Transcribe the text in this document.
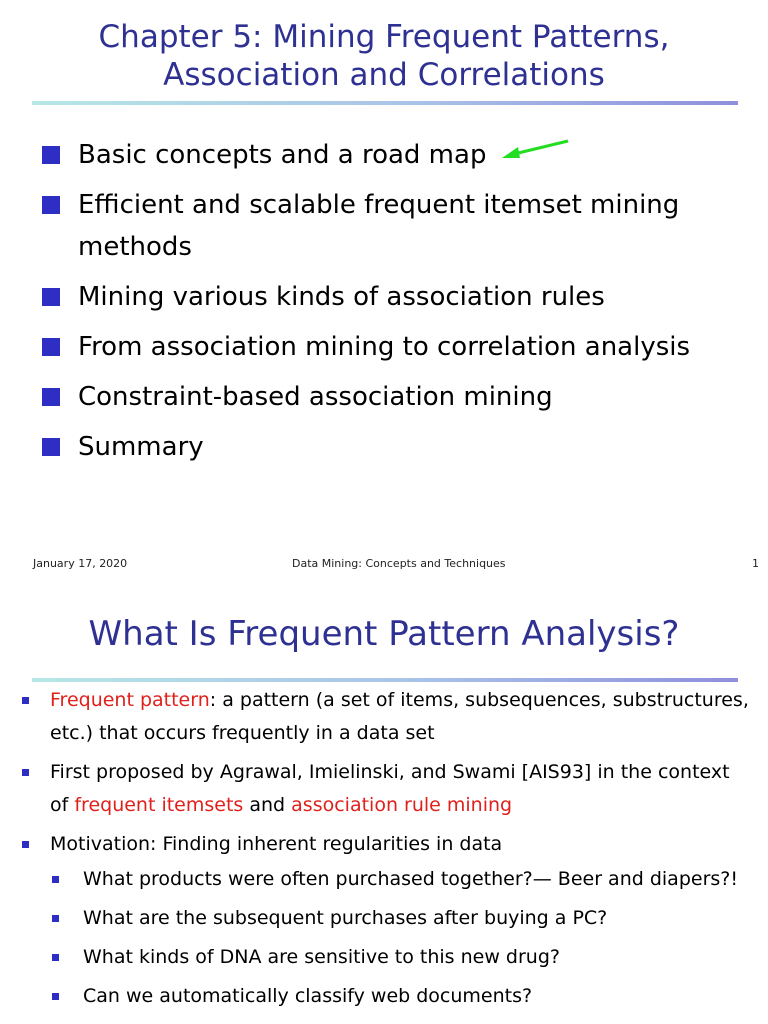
Chapter 5: Mining Frequent Patterns,
Association and Correlations
Basic concepts and a road map
Efficient and scalable frequent itemset mining methods
Mining various kinds of association rules
From association mining to correlation analysis
Constraint-based association mining
Summary
January 17, 2020	Data Mining: Concepts and Techniques	1
What Is Frequent Pattern Analysis?
Frequent pattern: a pattern (a set of items, subsequences, substructures, etc.) that occurs frequently in a data set
First proposed by Agrawal, Imielinski, and Swami [AIS93] in the context of frequent itemsets and association rule mining
Motivation: Finding inherent regularities in data
What products were often purchased together?— Beer and diapers?!
What are the subsequent purchases after buying a PC?
What kinds of DNA are sensitive to this new drug?
Can we automatically classify web documents?
